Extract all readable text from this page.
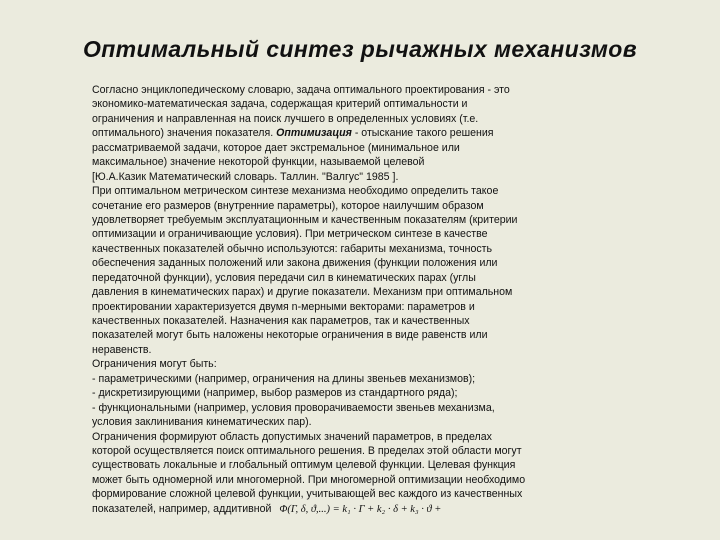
Оптимальный синтез рычажных механизмов
Согласно энциклопедическому словарю, задача оптимального проектирования - это
экономико-математическая задача, содержащая критерий оптимальности и
ограничения и направленная на поиск лучшего в определенных условиях (т.е.
оптимального) значения показателя. Оптимизация - отыскание такого решения
рассматриваемой задачи, которое дает экстремальное (минимальное или
максимальное) значение некоторой функции, называемой целевой
[Ю.А.Казик Математический словарь. Таллин. "Валгус" 1985 ].
При оптимальном метрическом синтезе механизма необходимо определить такое
сочетание его размеров (внутренние параметры), которое наилучшим образом
удовлетворяет требуемым эксплуатационным и качественным показателям (критерии
оптимизации и ограничивающие условия). При метрическом синтезе в качестве
качественных показателей обычно используются: габариты механизма, точность
обеспечения заданных положений или закона движения (функции положения или
передаточной функции), условия передачи сил в кинематических парах (углы
давления в кинематических парах) и другие показатели. Механизм при оптимальном
проектировании характеризуется двумя n-мерными векторами: параметров и
качественных показателей. Назначения как параметров, так и качественных
показателей могут быть наложены некоторые ограничения в виде равенств или
неравенств.
Ограничения могут быть:
- параметрическими (например, ограничения на длины звеньев механизмов);
- дискретизирующими (например, выбор размеров из стандартного ряда);
- функциональными (например, условия проворачиваемости звеньев механизма,
условия заклинивания кинематических пар).
Ограничения формируют область допустимых значений параметров, в пределах
которой осуществляется поиск оптимального решения. В пределах этой области могут
существовать локальные и глобальный оптимум целевой функции. Целевая функция
может быть одномерной или многомерной. При многомерной оптимизации необходимо
формирование сложной целевой функции, учитывающей вес каждого из качественных
показателей, например, аддитивной Φ(Γ, δ, ϑ,...) = k₁ · Γ + k₂ · δ + k₃ · ϑ +
